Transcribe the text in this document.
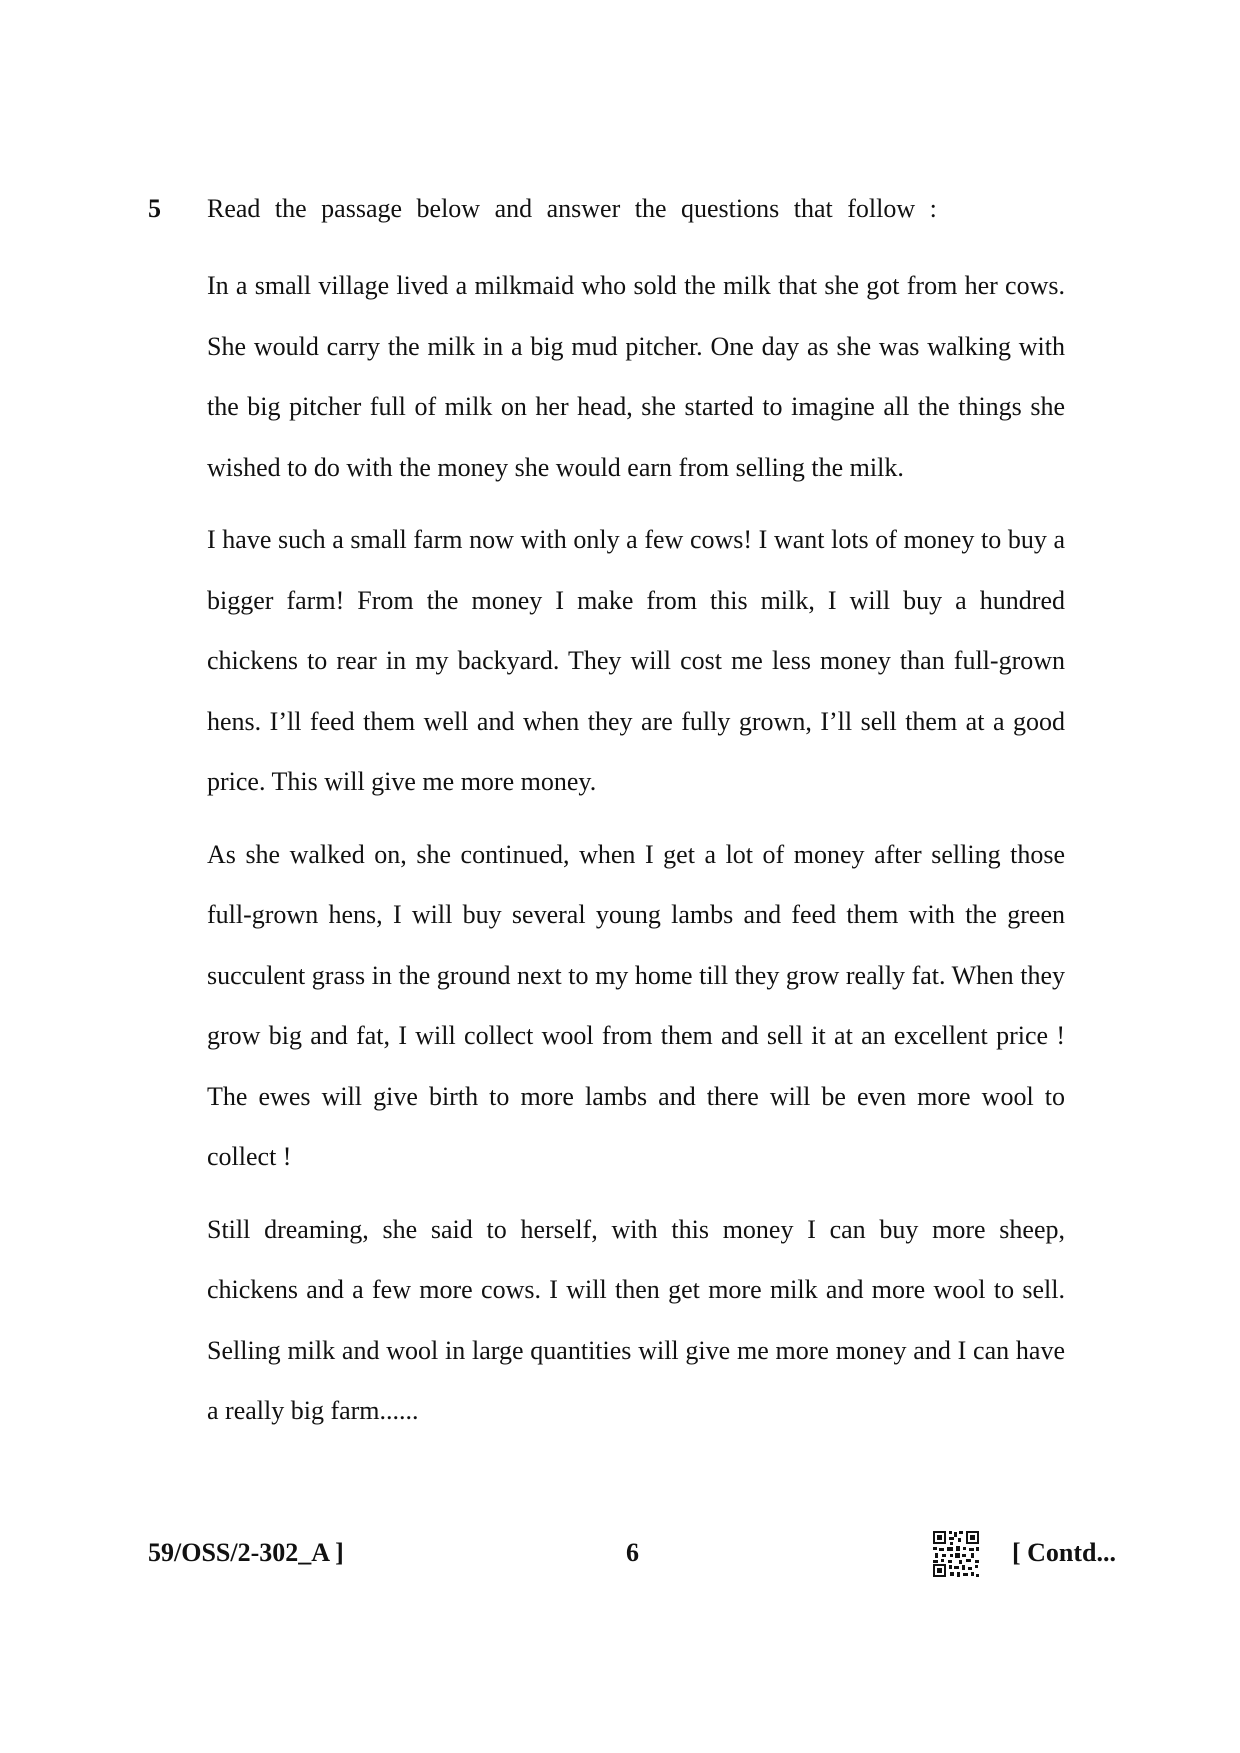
5 Read the passage below and answer the questions that follow :

In a small village lived a milkmaid who sold the milk that she got from her cows. She would carry the milk in a big mud pitcher. One day as she was walking with the big pitcher full of milk on her head, she started to imagine all the things she wished to do with the money she would earn from selling the milk.

I have such a small farm now with only a few cows! I want lots of money to buy a bigger farm! From the money I make from this milk, I will buy a hundred chickens to rear in my backyard. They will cost me less money than full-grown hens. I’ll feed them well and when they are fully grown, I’ll sell them at a good price. This will give me more money.

As she walked on, she continued, when I get a lot of money after selling those full-grown hens, I will buy several young lambs and feed them with the green succulent grass in the ground next to my home till they grow really fat. When they grow big and fat, I will collect wool from them and sell it at an excellent price ! The ewes will give birth to more lambs and there will be even more wool to collect !

Still dreaming, she said to herself, with this money I can buy more sheep, chickens and a few more cows. I will then get more milk and more wool to sell. Selling milk and wool in large quantities will give me more money and I can have a really big farm......

59/OSS/2-302_A ]	6	[ Contd...
